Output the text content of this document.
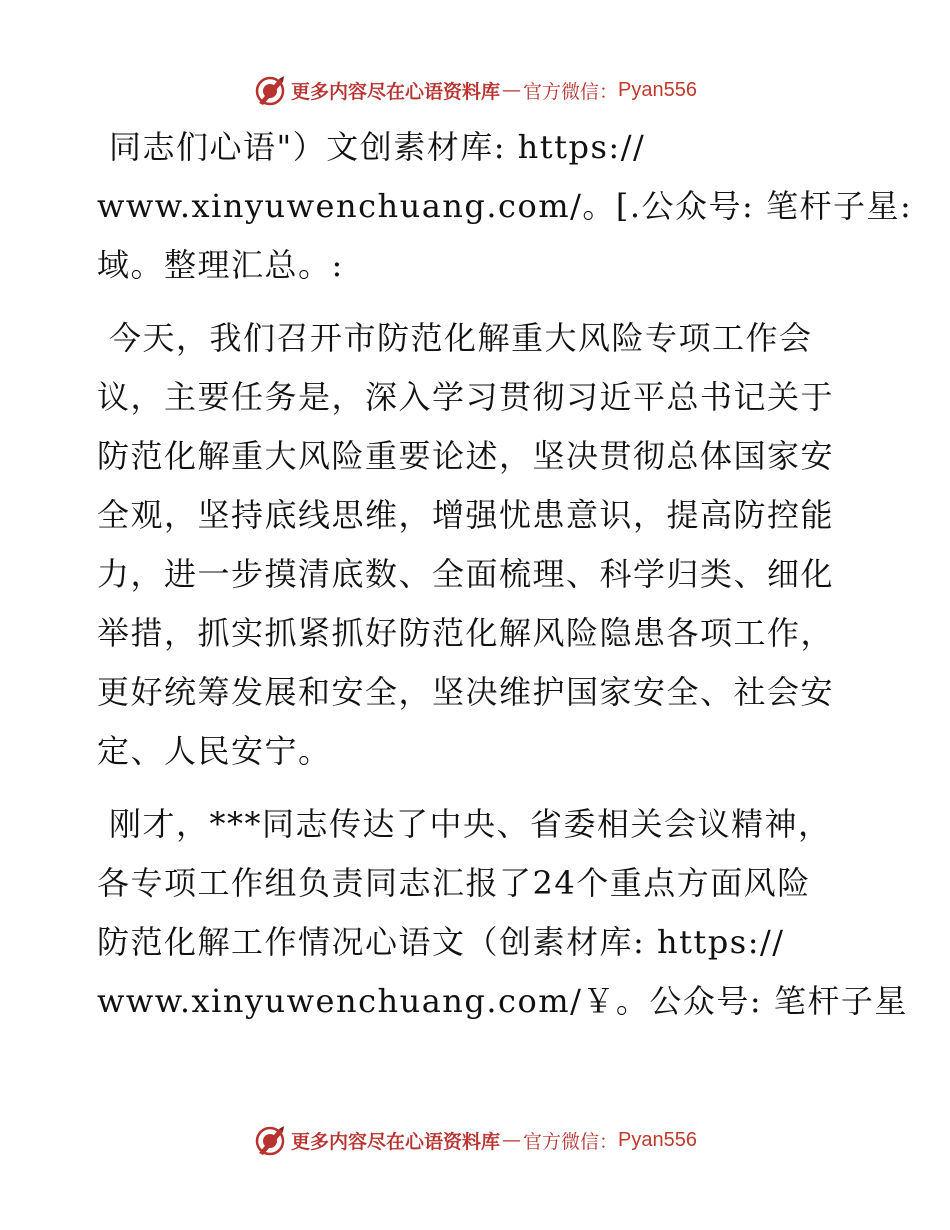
更多内容尽在心语资料库 — 官方微信： Pyan556
同志们心语"）文创素材库: https://
www.xinyuwenchuang.com/。[.公众号: 笔杆子星:
域。整理汇总。:
今天，我们召开市防范化解重大风险专项工作会
议，主要任务是，深入学习贯彻习近平总书记关于
防范化解重大风险重要论述，坚决贯彻总体国家安
全观，坚持底线思维，增强忧患意识，提高防控能
力，进一步摸清底数、全面梳理、科学归类、细化
举措，抓实抓紧抓好防范化解风险隐患各项工作，
更好统筹发展和安全，坚决维护国家安全、社会安
定、人民安宁。
刚才，***同志传达了中央、省委相关会议精神，
各专项工作组负责同志汇报了24个重点方面风险
防范化解工作情况心语文（创素材库: https://
www.xinyuwenchuang.com/￥。公众号: 笔杆子星
更多内容尽在心语资料库 — 官方微信： Pyan556
